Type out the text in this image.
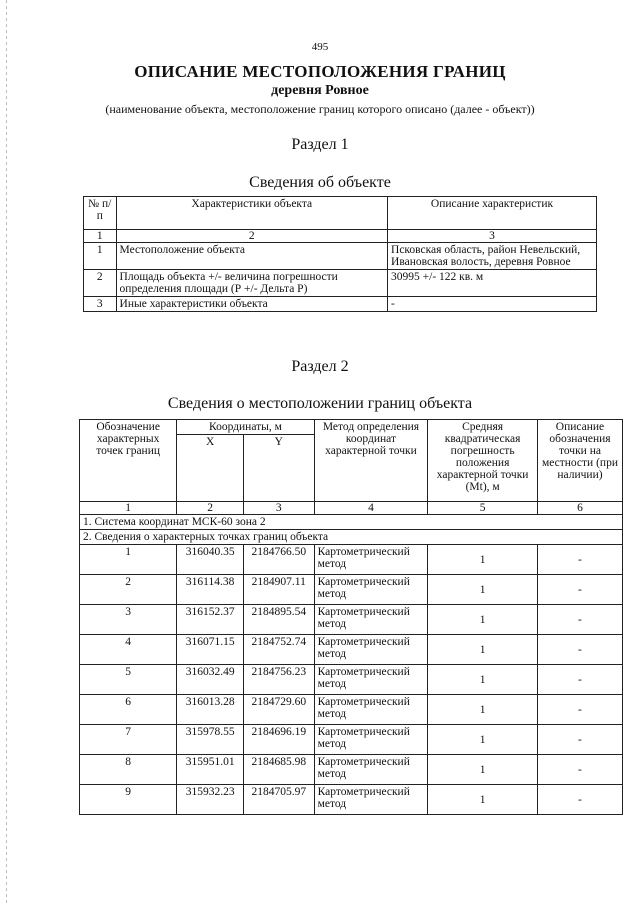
495
ОПИСАНИЕ МЕСТОПОЛОЖЕНИЯ ГРАНИЦ
деревня Ровное
(наименование объекта, местоположение границ которого описано (далее - объект))
Раздел 1
Сведения об объекте
№ п/п	Характеристики объекта	Описание характеристик
1	2	3
1	Местоположение объекта	Псковская область, район Невельский, Ивановская волость, деревня Ровное
2	Площадь объекта +/- величина погрешности определения площади (Р +/- Дельта Р)	30995 +/- 122 кв. м
3	Иные характеристики объекта	-
Раздел 2
Сведения о местоположении границ объекта
Обозначение характерных точек границ	Координаты, м		Метод определения координат характерной точки	Средняя квадратическая погрешность положения характерной точки (Mt), м	Описание обозначения точки на местности (при наличии)
	X	Y			
1	2	3	4	5	6
1. Система координат МСК-60 зона 2					
2. Сведения о характерных точках границ объекта					
1	316040.35	2184766.50	Картометрический метод	1	-
2	316114.38	2184907.11	Картометрический метод	1	-
3	316152.37	2184895.54	Картометрический метод	1	-
4	316071.15	2184752.74	Картометрический метод	1	-
5	316032.49	2184756.23	Картометрический метод	1	-
6	316013.28	2184729.60	Картометрический метод	1	-
7	315978.55	2184696.19	Картометрический метод	1	-
8	315951.01	2184685.98	Картометрический метод	1	-
9	315932.23	2184705.97	Картометрический метод	1	-
